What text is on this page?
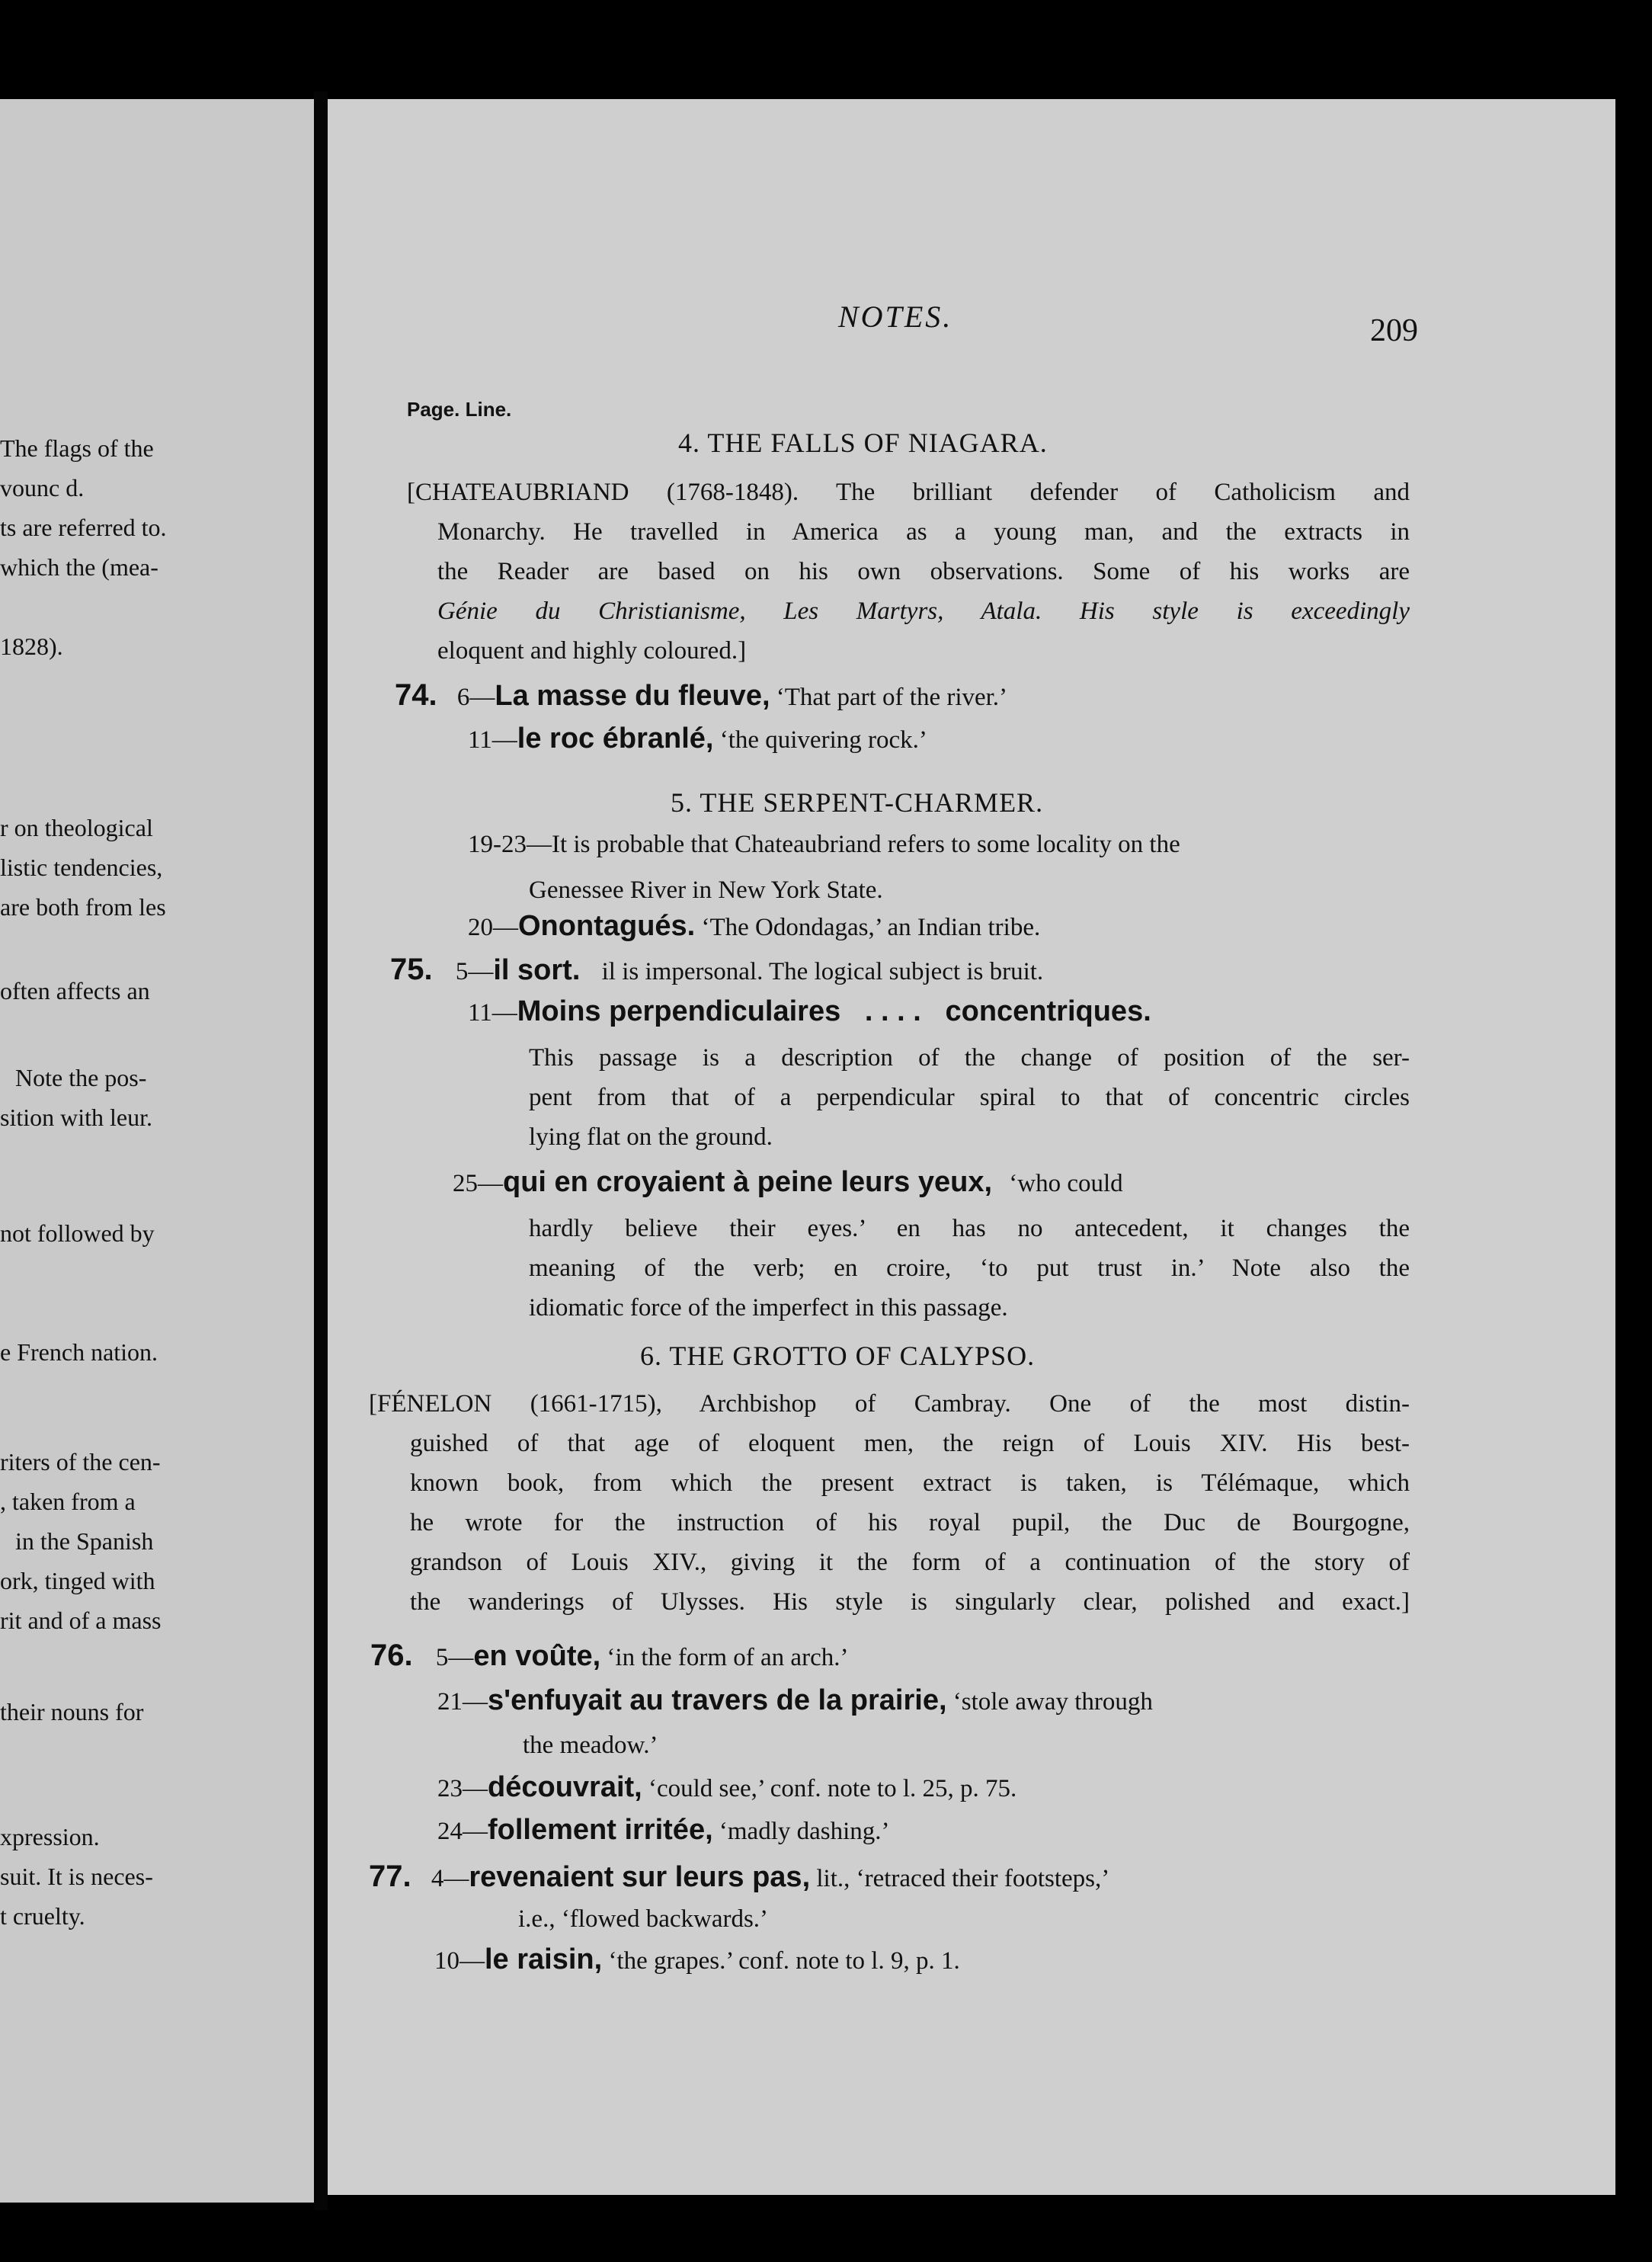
The flags of the
vounc d.
ts are referred to.
which the (mea-
1828).
r on theological
listic tendencies,
are both from les
often affects an
Note the pos-
sition with leur.
not followed by
e French nation.
riters of the cen-
, taken from a
in the Spanish
ork, tinged with
rit and of a mass
their nouns for
xpression.
suit. It is neces-
t cruelty.
NOTES.	209
Page. Line.
4. THE FALLS OF NIAGARA.
[CHATEAUBRIAND (1768-1848). The brilliant defender of Catholicism and
Monarchy. He travelled in America as a young man, and the extracts in
the Reader are based on his own observations. Some of his works are
Génie du Christianisme, Les Martyrs, Atala. His style is exceedingly
eloquent and highly coloured.]
74. 6—La masse du fleuve, ‘That part of the river.’
11—le roc ébranlé, ‘the quivering rock.’
5. THE SERPENT-CHARMER.
19-23—It is probable that Chateaubriand refers to some locality on the
Genessee River in New York State.
20—Onontagués. ‘The Odondagas,’ an Indian tribe.
75. 5—il sort. il is impersonal. The logical subject is bruit.
11—Moins perpendiculaires   . . . .   concentriques.
This passage is a description of the change of position of the ser-
pent from that of a perpendicular spiral to that of concentric circles
lying flat on the ground.
25—qui en croyaient à peine leurs yeux, ‘who could
hardly believe their eyes.’ en has no antecedent, it changes the
meaning of the verb; en croire, ‘to put trust in.’ Note also the
idiomatic force of the imperfect in this passage.
6. THE GROTTO OF CALYPSO.
[FÉNELON (1661-1715), Archbishop of Cambray. One of the most distin-
guished of that age of eloquent men, the reign of Louis XIV. His best-
known book, from which the present extract is taken, is Télémaque, which
he wrote for the instruction of his royal pupil, the Duc de Bourgogne,
grandson of Louis XIV., giving it the form of a continuation of the story of
the wanderings of Ulysses. His style is singularly clear, polished and exact.]
76. 5—en voûte, ‘in the form of an arch.’
21—s'enfuyait au travers de la prairie, ‘stole away through
the meadow.’
23—découvrait, ‘could see,’ conf. note to l. 25, p. 75.
24—follement irritée, ‘madly dashing.’
77. 4—revenaient sur leurs pas, lit., ‘retraced their footsteps,’
i.e., ‘flowed backwards.’
10—le raisin, ‘the grapes.’ conf. note to l. 9, p. 1.
